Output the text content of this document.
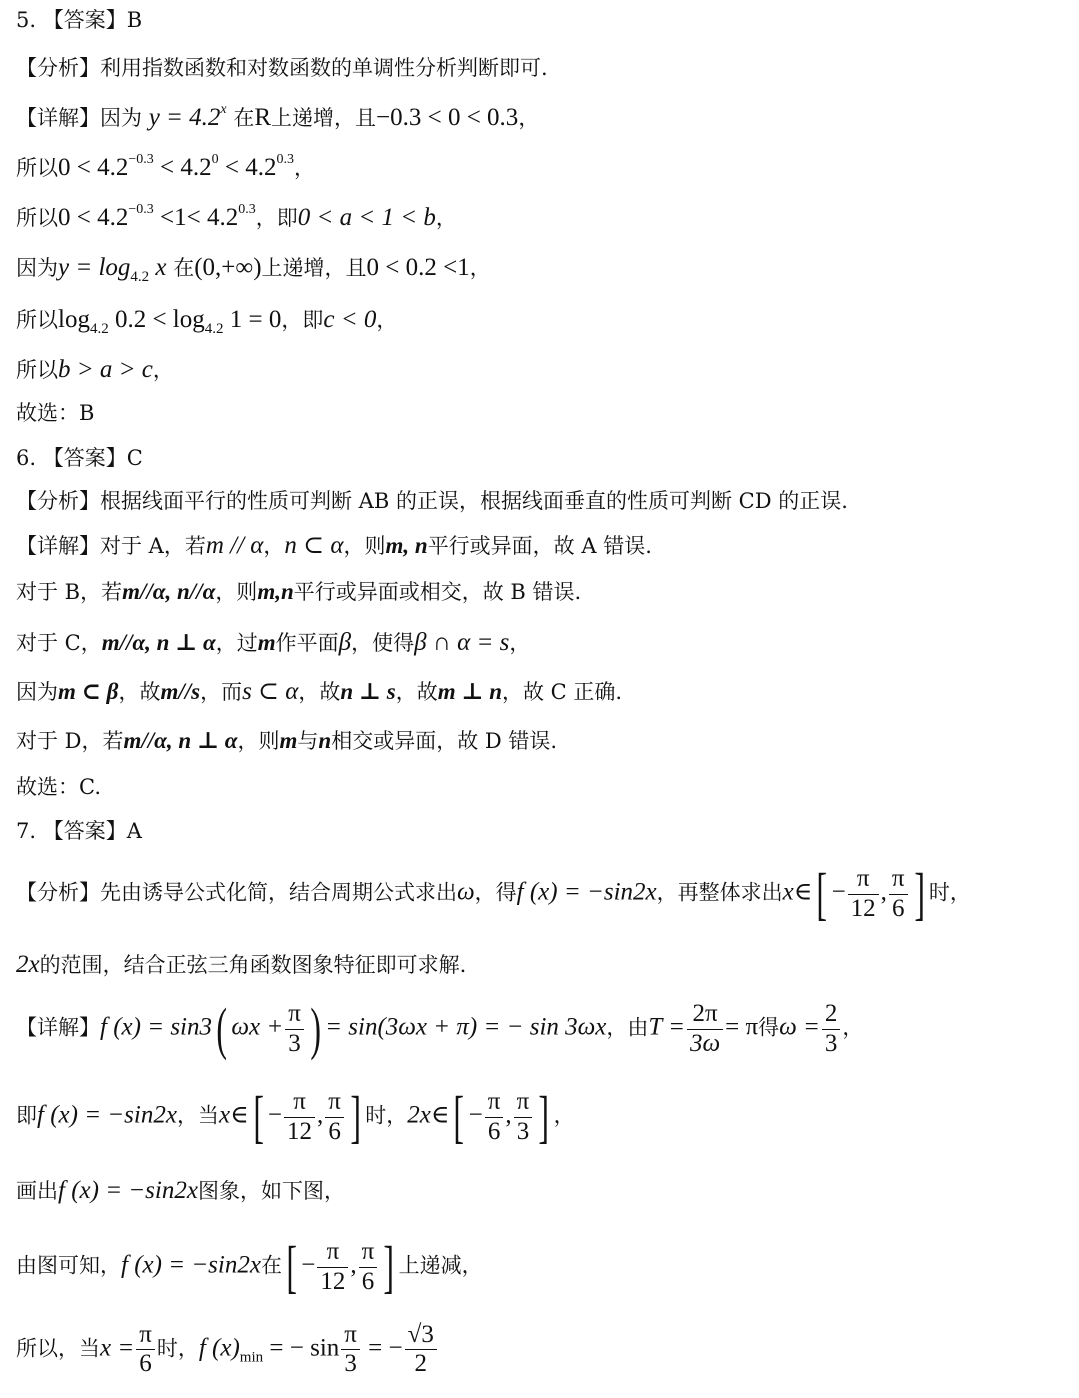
5. 【答案】B
【分析】利用指数函数和对数函数的单调性分析判断即可.
【详解】因为 $y = 4.2^x$ 在R上递增，且−0.3 < 0 < 0.3，
所以$0 < 4.2^{-0.3} < 4.2^0 < 4.2^{0.3}$，
所以$0 < 4.2^{-0.3} <1< 4.2^{0.3}$，即0 < a < 1 < b，
因为$y = \log_{4.2} x$ 在(0,+∞)上递增，且0 < 0.2 <1，
所以$\log_{4.2} 0.2 < \log_{4.2} 1 = 0$，即c < 0，
所以b > a > c，
故选：B
6. 【答案】C
【分析】根据线面平行的性质可判断 AB 的正误，根据线面垂直的性质可判断 CD 的正误.
【详解】对于 A，若m // α，n ⊂ α，则m, n平行或异面，故 A 错误.
对于 B，若m//α, n//α，则m,n平行或异面或相交，故 B 错误.
对于 C，m//α, n ⊥ α，过m作平面β，使得β ∩ α = s，
因为m ⊂ β，故m//s，而s ⊂ α，故n ⊥ s，故m ⊥ n，故 C 正确.
对于 D，若m//α, n ⊥ α，则m与n相交或异面，故 D 错误.
故选：C.
7. 【答案】A
【分析】先由诱导公式化简，结合周期公式求出ω，得f (x) = −sin2x，再整体求出x∈[ − $\frac{\pi}{12}$ , $\frac{\pi}{6}$ ] 时，
2x的范围，结合正弦三角函数图象特征即可求解.
【详解】f (x) = sin3( $\omega x + \frac{\pi}{3}$ ) = sin(3ωx + π) = − sin 3ωx，由$T = \frac{2\pi}{3\omega} = \pi$得$\omega = \frac{2}{3}$ ，
即f (x) = −sin2x，当x∈[ − $\frac{\pi}{12}$ , $\frac{\pi}{6}$ ] 时，2x∈[ − $\frac{\pi}{6}$ , $\frac{\pi}{3}$ ] ，
画出f (x) = −sin2x图象，如下图，
由图可知，f (x) = −sin2x在[ − $\frac{\pi}{12}$ , $\frac{\pi}{6}$ ] 上递减，
所以，当$x = \frac{\pi}{6}$ 时，f $(x)_{min}$ = − $\sin \frac{\pi}{3}$ = − $\frac{√3}{2}$
